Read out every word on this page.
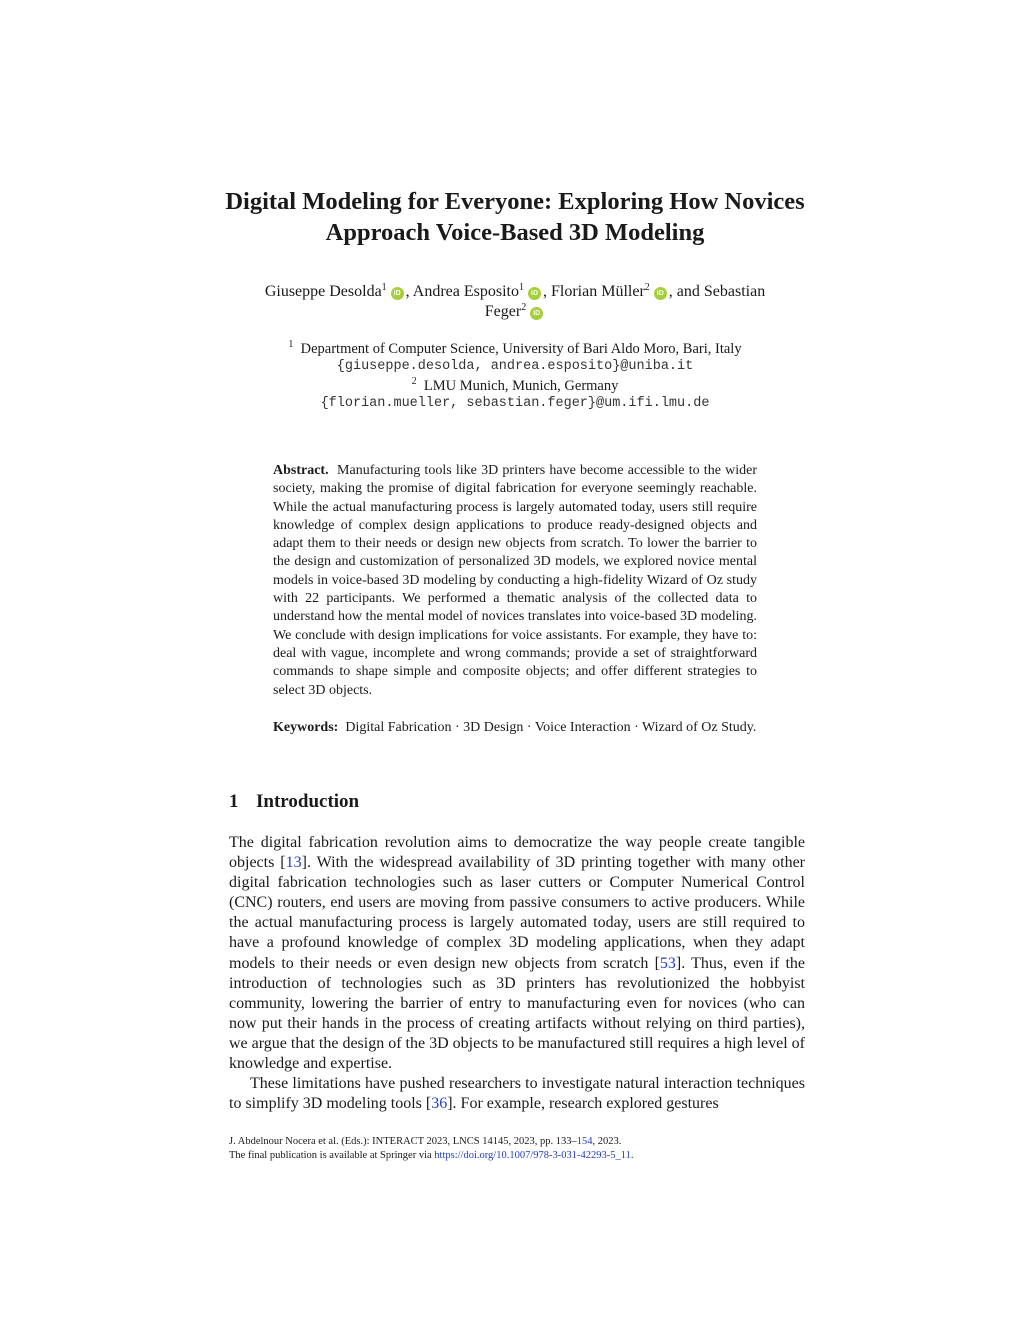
Digital Modeling for Everyone: Exploring How Novices
Approach Voice-Based 3D Modeling

Giuseppe Desolda$^1$iD , Andrea Esposito$^1$iD , Florian Müller$^2$iD , and Sebastian
Feger$^2$iD

$^1$ Department of Computer Science, University of Bari Aldo Moro, Bari, Italy
{giuseppe.desolda, andrea.esposito}@uniba.it
$^2$ LMU Munich, Munich, Germany
{florian.mueller, sebastian.feger}@um.ifi.lmu.de

Abstract. Manufacturing tools like 3D printers have become accessible to the wider society, making the promise of digital fabrication for everyone seemingly reachable. While the actual manufacturing process is largely automated today, users still require knowledge of complex design applications to produce ready-designed objects and adapt them to their needs or design new objects from scratch. To lower the barrier to the design and customization of personalized 3D models, we explored novice mental models in voice-based 3D modeling by conducting a high-fidelity Wizard of Oz study with 22 participants. We performed a thematic analysis of the collected data to understand how the mental model of novices translates into voice-based 3D modeling. We conclude with design implications for voice assistants. For example, they have to: deal with vague, incomplete and wrong commands; provide a set of straightforward commands to shape simple and composite objects; and offer different strategies to select 3D objects.

Keywords: Digital Fabrication · 3D Design · Voice Interaction · Wizard of Oz Study.

1 Introduction

The digital fabrication revolution aims to democratize the way people create tangible objects [13]. With the widespread availability of 3D printing together with many other digital fabrication technologies such as laser cutters or Computer Numerical Control (CNC) routers, end users are moving from passive consumers to active producers. While the actual manufacturing process is largely automated today, users are still required to have a profound knowledge of complex 3D modeling applications, when they adapt models to their needs or even design new objects from scratch [53]. Thus, even if the introduction of technologies such as 3D printers has revolutionized the hobbyist community, lowering the barrier of entry to manufacturing even for novices (who can now put their hands in the process of creating artifacts without relying on third parties), we argue that the design of the 3D objects to be manufactured still requires a high level of knowledge and expertise.

These limitations have pushed researchers to investigate natural interaction techniques to simplify 3D modeling tools [36]. For example, research explored gestures

J. Abdelnour Nocera et al. (Eds.): INTERACT 2023, LNCS 14145, 2023, pp. 133–154, 2023.
The final publication is available at Springer via https://doi.org/10.1007/978-3-031-42293-5_11.
